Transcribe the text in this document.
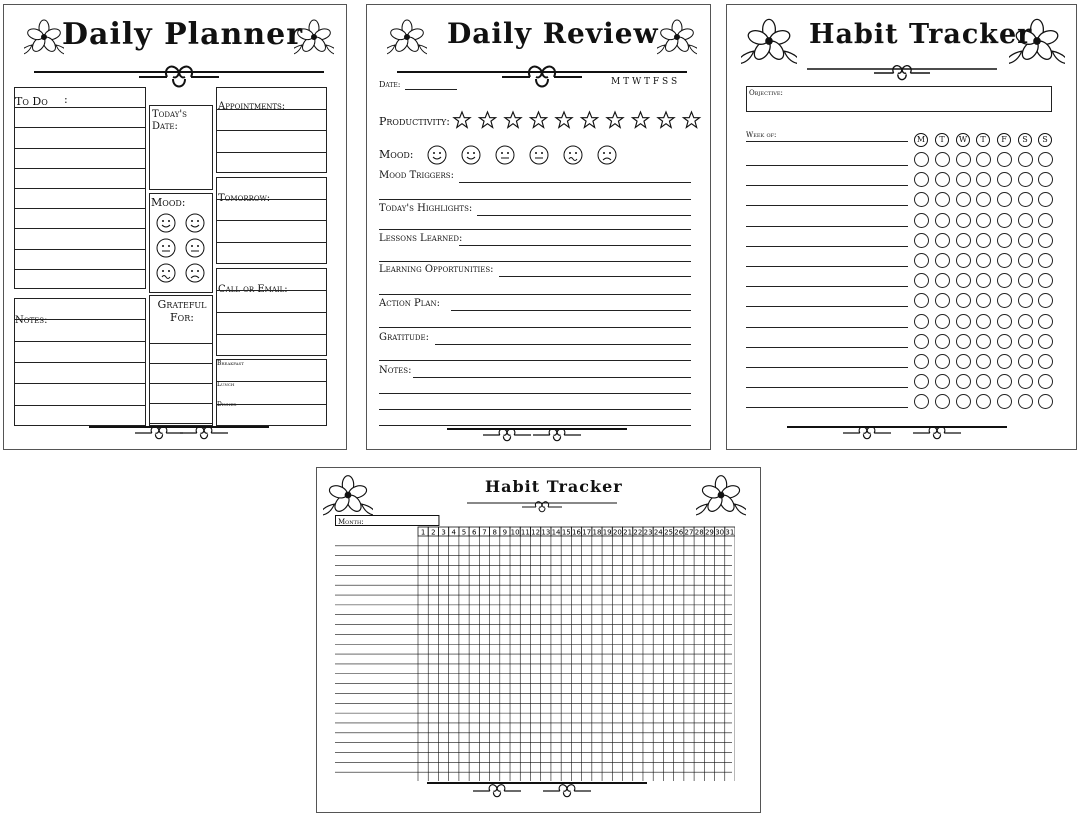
Daily Planner
To Do :
Today's Date:
Mood:
Appointments:
Tomorrow:
Notes:
Grateful For:
Call or Email:
Breakfast
Lunch
Dinner
Daily Review
Date:	M T W T F S S
Productivity:
Mood:
Mood Triggers:
Today's Highlights:
Lessons Learned:
Learning Opportunities:
Action Plan:
Gratitude:
Notes:
Habit Tracker
Objective:
Week of:	M	T	W	T	F	S	S
Habit Tracker
Month:
1 2 3 4 5 6 7 8 9 10 11 12 13 14 15 16 17 18 19 20 21 22 23 24 25 26 27 28 29 30 31
